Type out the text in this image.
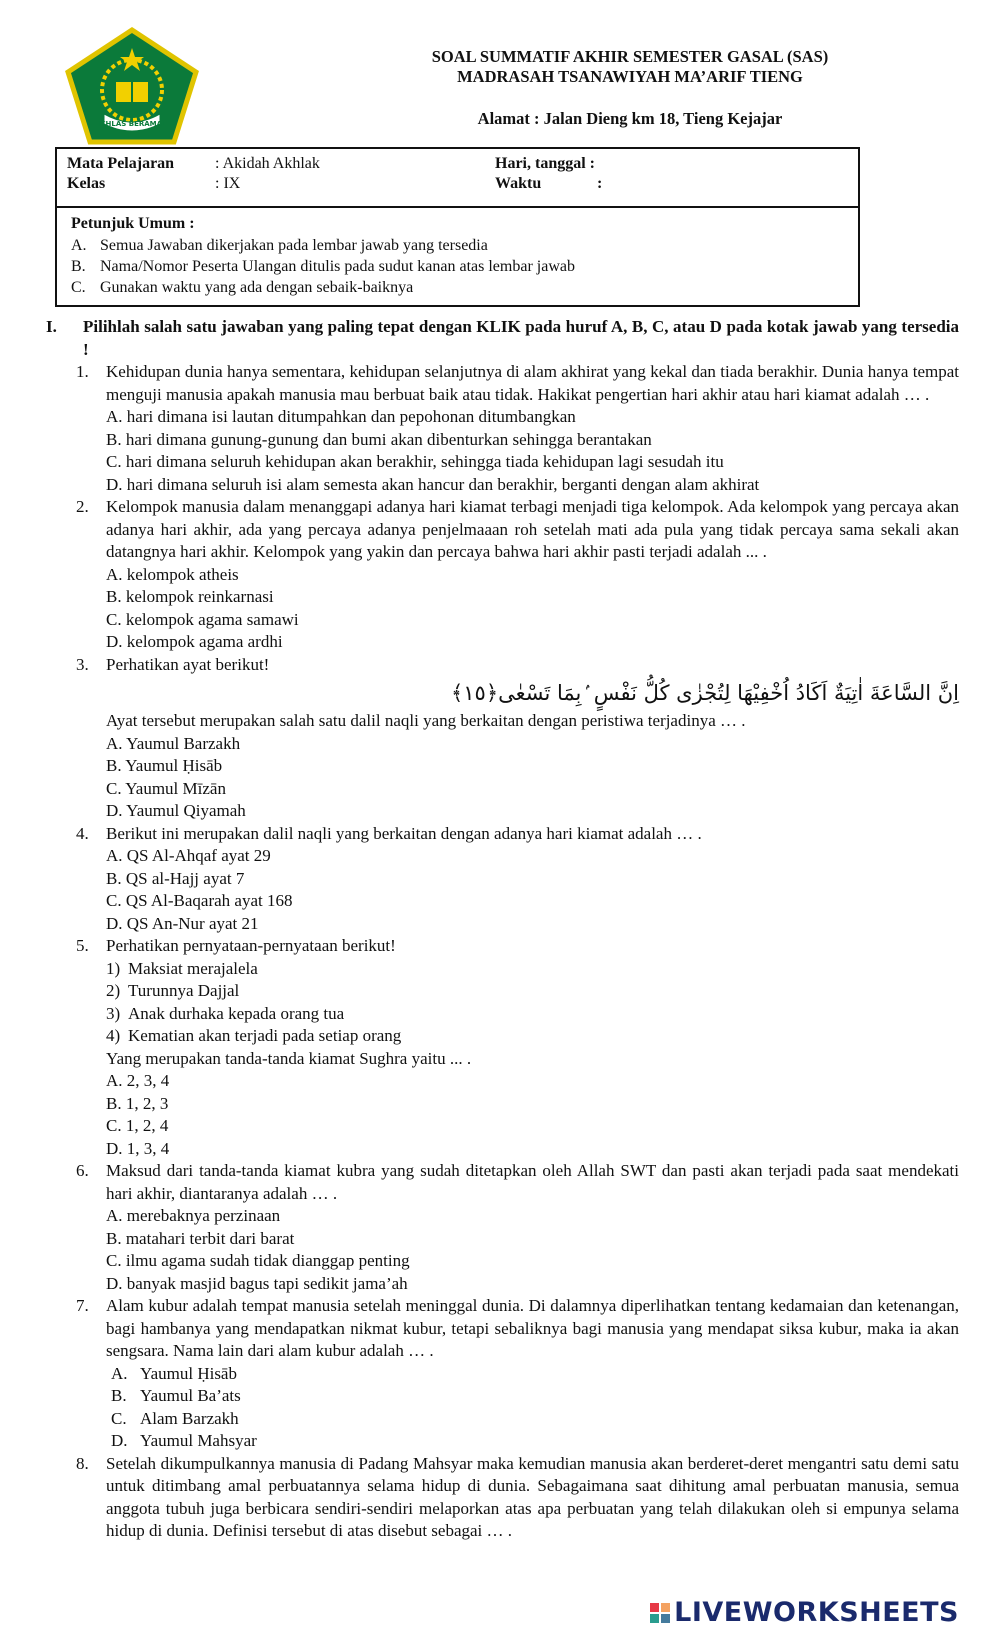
IKHLAS BERAMAL
SOAL SUMMATIF AKHIR SEMESTER GASAL (SAS)
MADRASAH TSANAWIYAH MA’ARIF TIENG
Alamat : Jalan Dieng km 18, Tieng Kejajar
Mata Pelajaran	: Akidah Akhlak
Kelas	: IX
Hari, tanggal :
Waktu	:
Petunjuk Umum :
A. Semua Jawaban dikerjakan pada lembar jawab yang tersedia
B. Nama/Nomor Peserta Ulangan ditulis pada sudut kanan atas lembar jawab
C. Gunakan waktu yang ada dengan sebaik-baiknya
I.	Pilihlah salah satu jawaban yang paling tepat dengan KLIK pada huruf A, B, C, atau D pada kotak jawab yang tersedia !
1.	Kehidupan dunia hanya sementara, kehidupan selanjutnya di alam akhirat yang kekal dan tiada berakhir. Dunia hanya tempat menguji manusia apakah manusia mau berbuat baik atau tidak. Hakikat pengertian hari akhir atau hari kiamat adalah … .
A. hari dimana isi lautan ditumpahkan dan pepohonan ditumbangkan
B. hari dimana gunung-gunung dan bumi akan dibenturkan sehingga berantakan
C. hari dimana seluruh kehidupan akan berakhir, sehingga tiada kehidupan lagi sesudah itu
D. hari dimana seluruh isi alam semesta akan hancur dan berakhir, berganti dengan alam akhirat
2.	Kelompok manusia dalam menanggapi adanya hari kiamat terbagi menjadi tiga kelompok. Ada kelompok yang percaya akan adanya hari akhir, ada yang percaya adanya penjelmaaan roh setelah mati ada pula yang tidak percaya sama sekali akan datangnya hari akhir. Kelompok yang yakin dan percaya bahwa hari akhir pasti terjadi adalah ... .
A. kelompok atheis
B. kelompok reinkarnasi
C. kelompok agama samawi
D. kelompok agama ardhi
3.	Perhatikan ayat berikut!
اِنَّ السَّاعَةَ اٰتِيَةٌ اَكَادُ اُخْفِيْهَا لِتُجْزٰى كُلُّ نَفْسٍ ۢبِمَا تَسْعٰى﴿١٥﴾
Ayat tersebut merupakan salah satu dalil naqli yang berkaitan dengan peristiwa terjadinya … .
A. Yaumul Barzakh
B. Yaumul Ḥisāb
C. Yaumul Mīzān
D. Yaumul Qiyamah
4.	Berikut ini merupakan dalil naqli yang berkaitan dengan adanya hari kiamat adalah … .
A. QS Al-Ahqaf ayat 29
B. QS al-Hajj ayat 7
C. QS Al-Baqarah ayat 168
D. QS An-Nur ayat 21
5.	Perhatikan pernyataan-pernyataan berikut!
1) Maksiat merajalela
2) Turunnya Dajjal
3) Anak durhaka kepada orang tua
4) Kematian akan terjadi pada setiap orang
Yang merupakan tanda-tanda kiamat Sughra yaitu ... .
A. 2, 3, 4
B. 1, 2, 3
C. 1, 2, 4
D. 1, 3, 4
6.	Maksud dari tanda-tanda kiamat kubra yang sudah ditetapkan oleh Allah SWT dan pasti akan terjadi pada saat mendekati hari akhir, diantaranya adalah … .
A. merebaknya perzinaan
B. matahari terbit dari barat
C. ilmu agama sudah tidak dianggap penting
D. banyak masjid bagus tapi sedikit jama’ah
7.	Alam kubur adalah tempat manusia setelah meninggal dunia. Di dalamnya diperlihatkan tentang kedamaian dan ketenangan, bagi hambanya yang mendapatkan nikmat kubur, tetapi sebaliknya bagi manusia yang mendapat siksa kubur, maka ia akan sengsara. Nama lain dari alam kubur adalah … .
A. Yaumul Ḥisāb
B. Yaumul Ba’ats
C. Alam Barzakh
D. Yaumul Mahsyar
8.	Setelah dikumpulkannya manusia di Padang Mahsyar maka kemudian manusia akan berderet-deret mengantri satu demi satu untuk ditimbang amal perbuatannya selama hidup di dunia. Sebagaimana saat dihitung amal perbuatan manusia, semua anggota tubuh juga berbicara sendiri-sendiri melaporkan atas apa perbuatan yang telah dilakukan oleh si empunya selama hidup di dunia. Definisi tersebut di atas disebut sebagai … .
LIVEWORKSHEETS
